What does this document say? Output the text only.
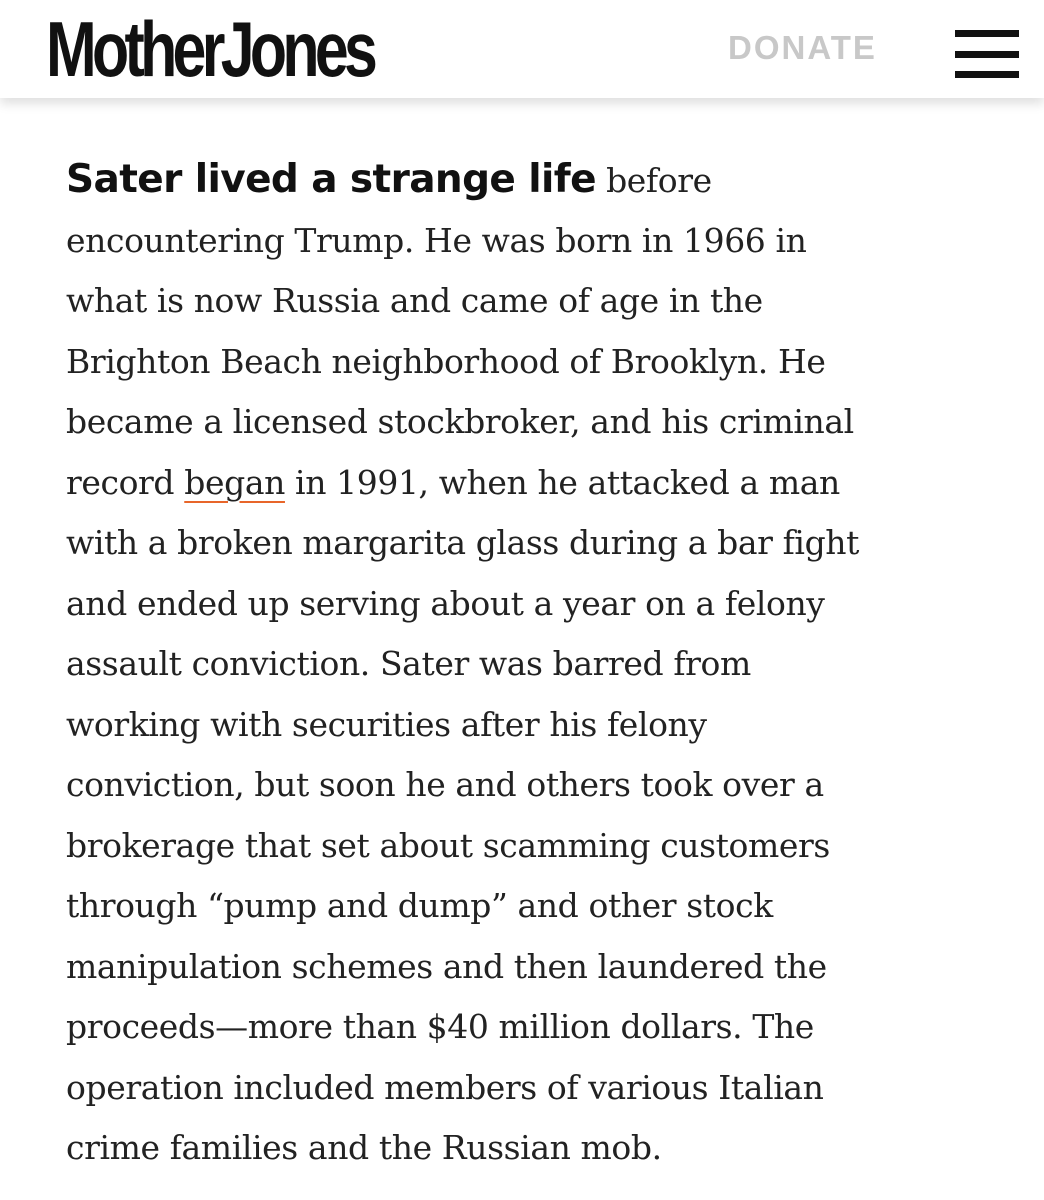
MotherJones	DONATE
Sater lived a strange life before
encountering Trump. He was born in 1966 in
what is now Russia and came of age in the
Brighton Beach neighborhood of Brooklyn. He
became a licensed stockbroker, and his criminal
record began in 1991, when he attacked a man
with a broken margarita glass during a bar fight
and ended up serving about a year on a felony
assault conviction. Sater was barred from
working with securities after his felony
conviction, but soon he and others took over a
brokerage that set about scamming customers
through “pump and dump” and other stock
manipulation schemes and then laundered the
proceeds—more than $40 million dollars. The
operation included members of various Italian
crime families and the Russian mob.
